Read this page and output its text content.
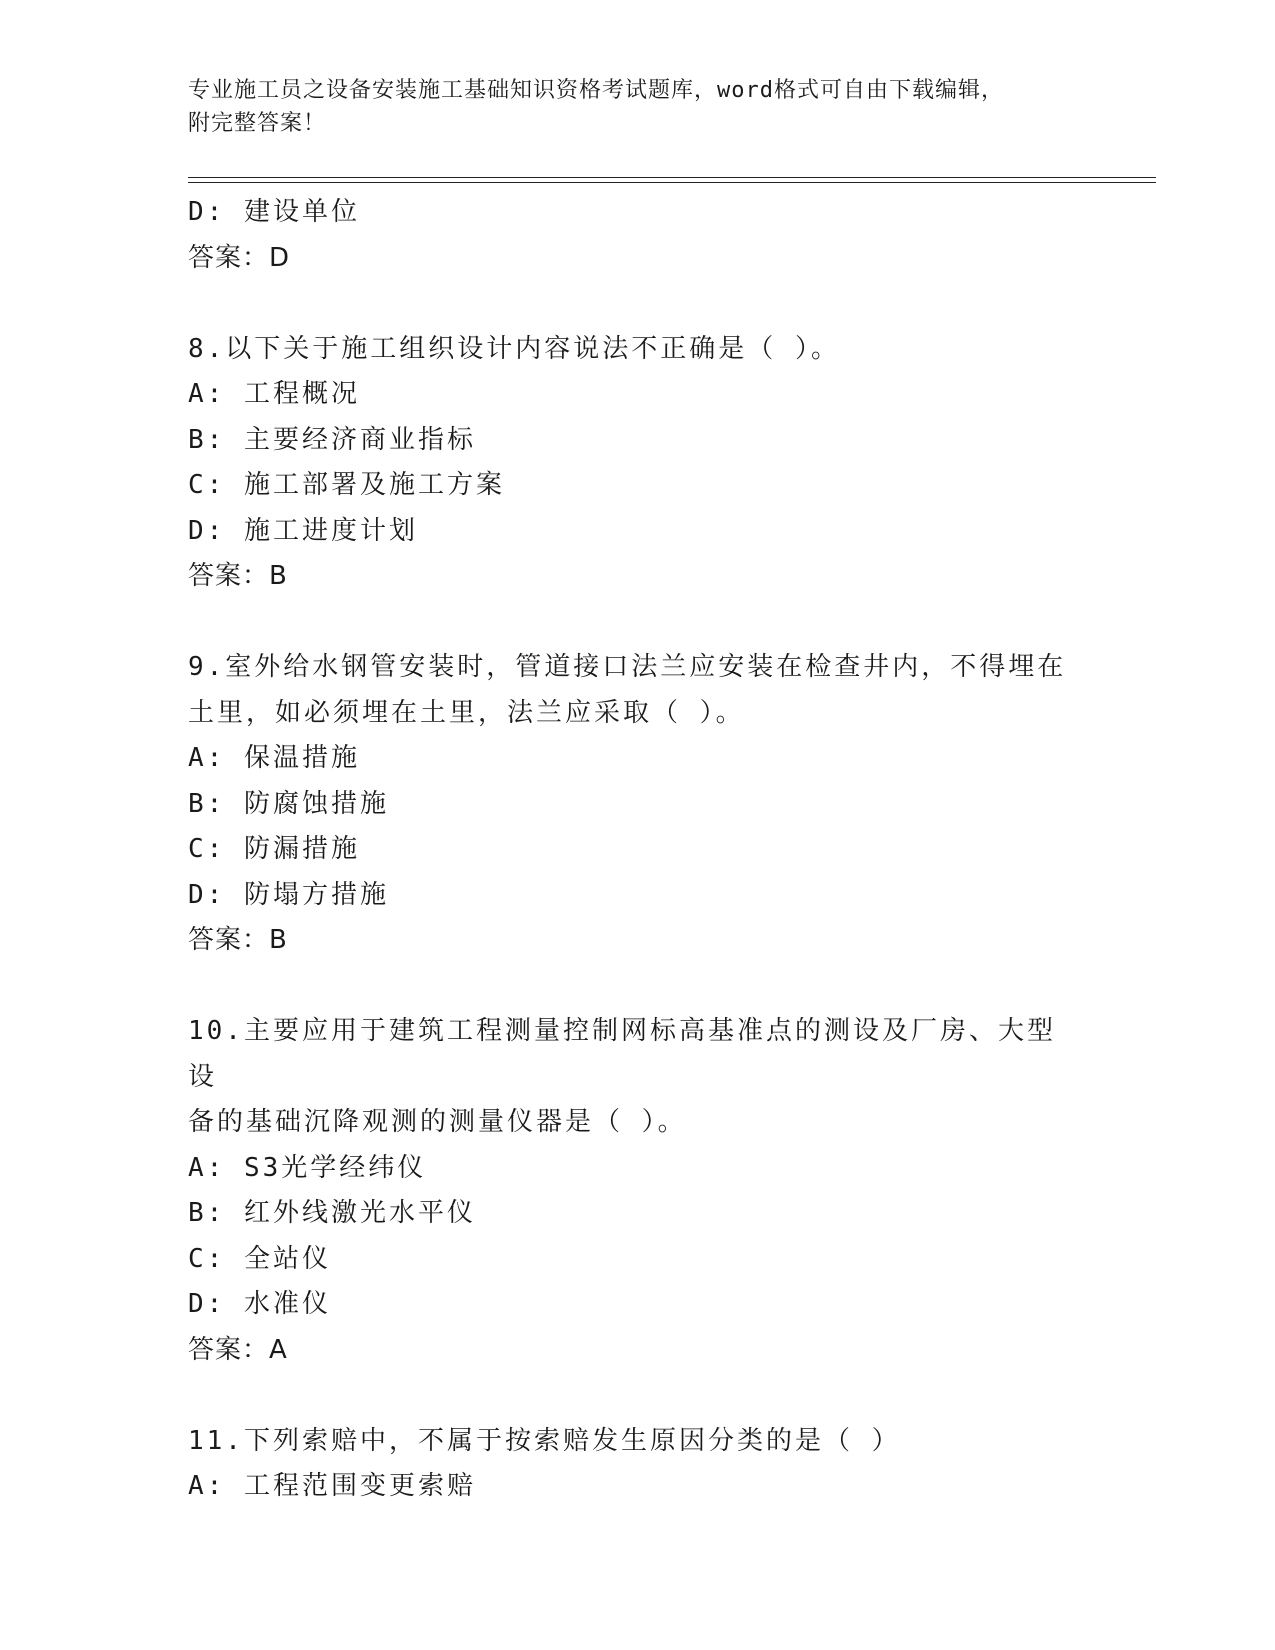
专业施工员之设备安装施工基础知识资格考试题库，word格式可自由下载编辑，
附完整答案！
D: 建设单位
答案：D
8.以下关于施工组织设计内容说法不正确是（ ）。
A: 工程概况
B: 主要经济商业指标
C: 施工部署及施工方案
D: 施工进度计划
答案：B
9.室外给水钢管安装时，管道接口法兰应安装在检查井内，不得埋在
土里，如必须埋在土里，法兰应采取（ ）。
A: 保温措施
B: 防腐蚀措施
C: 防漏措施
D: 防塌方措施
答案：B
10.主要应用于建筑工程测量控制网标高基准点的测设及厂房、大型设
备的基础沉降观测的测量仪器是（ ）。
A: S3光学经纬仪
B: 红外线激光水平仪
C: 全站仪
D: 水准仪
答案：A
11.下列索赔中，不属于按索赔发生原因分类的是（ ）
A: 工程范围变更索赔
